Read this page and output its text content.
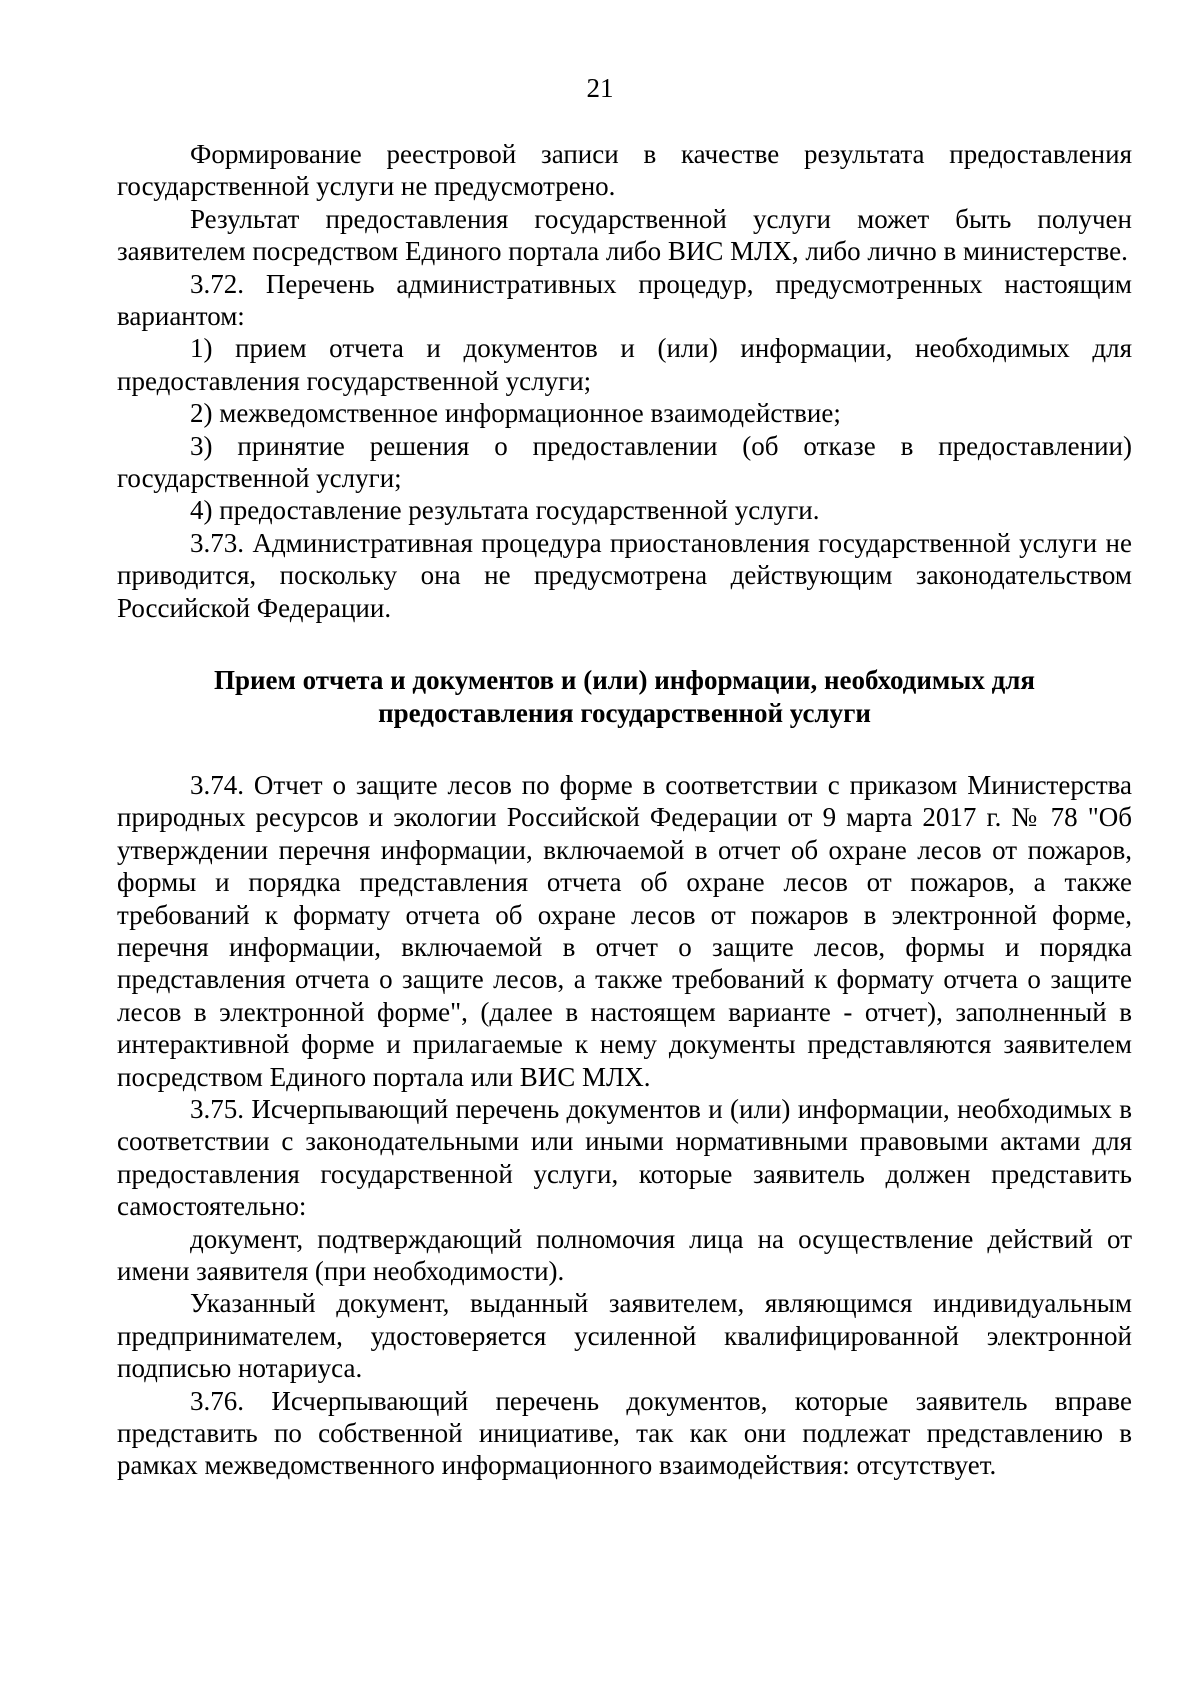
21

Формирование реестровой записи в качестве результата предоставления государственной услуги не предусмотрено.

Результат предоставления государственной услуги может быть получен заявителем посредством Единого портала либо ВИС МЛХ, либо лично в министерстве.

3.72. Перечень административных процедур, предусмотренных настоящим вариантом:

1) прием отчета и документов и (или) информации, необходимых для предоставления государственной услуги;

2) межведомственное информационное взаимодействие;

3) принятие решения о предоставлении (об отказе в предоставлении) государственной услуги;

4) предоставление результата государственной услуги.

3.73. Административная процедура приостановления государственной услуги не приводится, поскольку она не предусмотрена действующим законодательством Российской Федерации.

Прием отчета и документов и (или) информации, необходимых для предоставления государственной услуги

3.74. Отчет о защите лесов по форме в соответствии с приказом Министерства природных ресурсов и экологии Российской Федерации от 9 марта 2017 г. № 78 "Об утверждении перечня информации, включаемой в отчет об охране лесов от пожаров, формы и порядка представления отчета об охране лесов от пожаров, а также требований к формату отчета об охране лесов от пожаров в электронной форме, перечня информации, включаемой в отчет о защите лесов, формы и порядка представления отчета о защите лесов, а также требований к формату отчета о защите лесов в электронной форме", (далее в настоящем варианте - отчет), заполненный в интерактивной форме и прилагаемые к нему документы представляются заявителем посредством Единого портала или ВИС МЛХ.

3.75. Исчерпывающий перечень документов и (или) информации, необходимых в соответствии с законодательными или иными нормативными правовыми актами для предоставления государственной услуги, которые заявитель должен представить самостоятельно:

документ, подтверждающий полномочия лица на осуществление действий от имени заявителя (при необходимости).

Указанный документ, выданный заявителем, являющимся индивидуальным предпринимателем, удостоверяется усиленной квалифицированной электронной подписью нотариуса.

3.76. Исчерпывающий перечень документов, которые заявитель вправе представить по собственной инициативе, так как они подлежат представлению в рамках межведомственного информационного взаимодействия: отсутствует.
